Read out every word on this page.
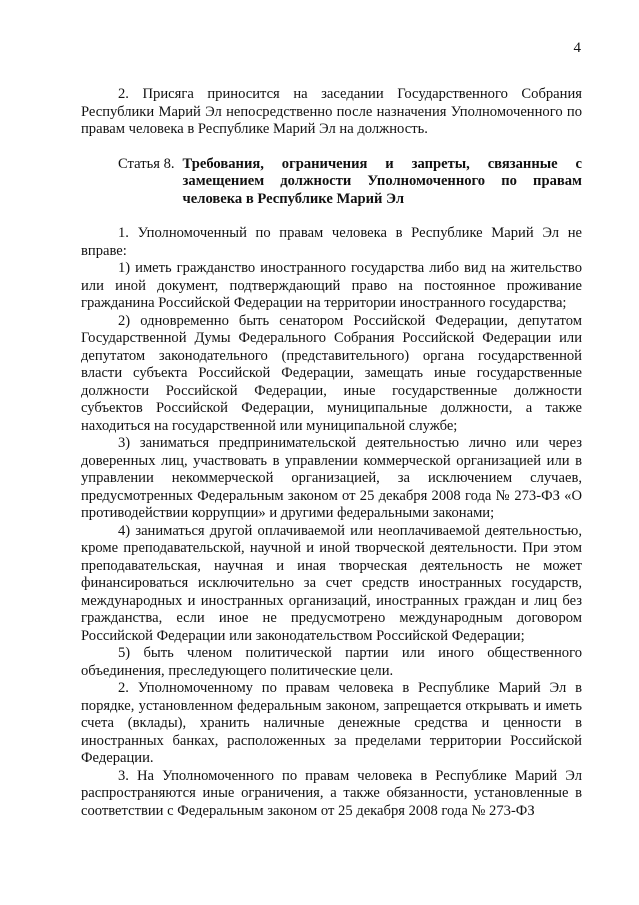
4

2. Присяга приносится на заседании Государственного Собрания Республики Марий Эл непосредственно после назначения Уполномоченного по правам человека в Республике Марий Эл на должность.

Статья 8. Требования, ограничения и запреты, связанные с замещением должности Уполномоченного по правам человека в Республике Марий Эл

1. Уполномоченный по правам человека в Республике Марий Эл не вправе:

1) иметь гражданство иностранного государства либо вид на жительство или иной документ, подтверждающий право на постоянное проживание гражданина Российской Федерации на территории иностранного государства;

2) одновременно быть сенатором Российской Федерации, депутатом Государственной Думы Федерального Собрания Российской Федерации или депутатом законодательного (представительного) органа государственной власти субъекта Российской Федерации, замещать иные государственные должности Российской Федерации, иные государственные должности субъектов Российской Федерации, муниципальные должности, а также находиться на государственной или муниципальной службе;

3) заниматься предпринимательской деятельностью лично или через доверенных лиц, участвовать в управлении коммерческой организацией или в управлении некоммерческой организацией, за исключением случаев, предусмотренных Федеральным законом от 25 декабря 2008 года № 273-ФЗ «О противодействии коррупции» и другими федеральными законами;

4) заниматься другой оплачиваемой или неоплачиваемой деятельностью, кроме преподавательской, научной и иной творческой деятельности. При этом преподавательская, научная и иная творческая деятельность не может финансироваться исключительно за счет средств иностранных государств, международных и иностранных организаций, иностранных граждан и лиц без гражданства, если иное не предусмотрено международным договором Российской Федерации или законодательством Российской Федерации;

5) быть членом политической партии или иного общественного объединения, преследующего политические цели.

2. Уполномоченному по правам человека в Республике Марий Эл в порядке, установленном федеральным законом, запрещается открывать и иметь счета (вклады), хранить наличные денежные средства и ценности в иностранных банках, расположенных за пределами территории Российской Федерации.

3. На Уполномоченного по правам человека в Республике Марий Эл распространяются иные ограничения, а также обязанности, установленные в соответствии с Федеральным законом от 25 декабря 2008 года № 273-ФЗ
